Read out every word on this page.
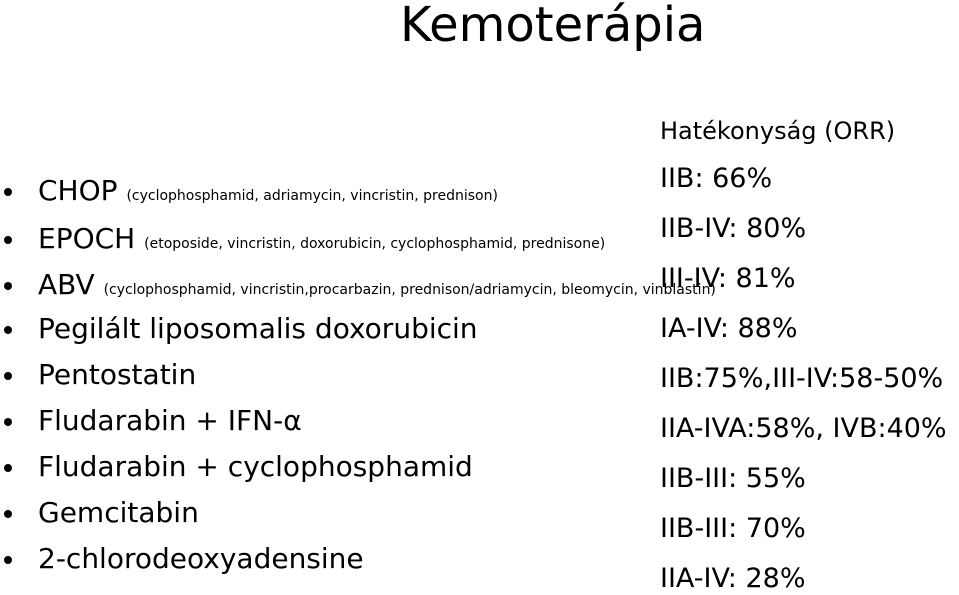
Kemoterápia
CHOP (cyclophosphamid, adriamycin, vincristin, prednison)
EPOCH (etoposide, vincristin, doxorubicin, cyclophosphamid, prednisone)
ABV (cyclophosphamid, vincristin,procarbazin, prednison/adriamycin, bleomycin, vinblastin)
Pegilált liposomalis doxorubicin
Pentostatin
Fludarabin + IFN-α
Fludarabin + cyclophosphamid
Gemcitabin
2-chlorodeoxyadensine
Hatékonyság (ORR)
IIB: 66%
IIB-IV: 80%
III-IV: 81%
IA-IV: 88%
IIB:75%,III-IV:58-50%
IIA-IVA:58%, IVB:40%
IIB-III: 55%
IIB-III: 70%
IIA-IV: 28%
